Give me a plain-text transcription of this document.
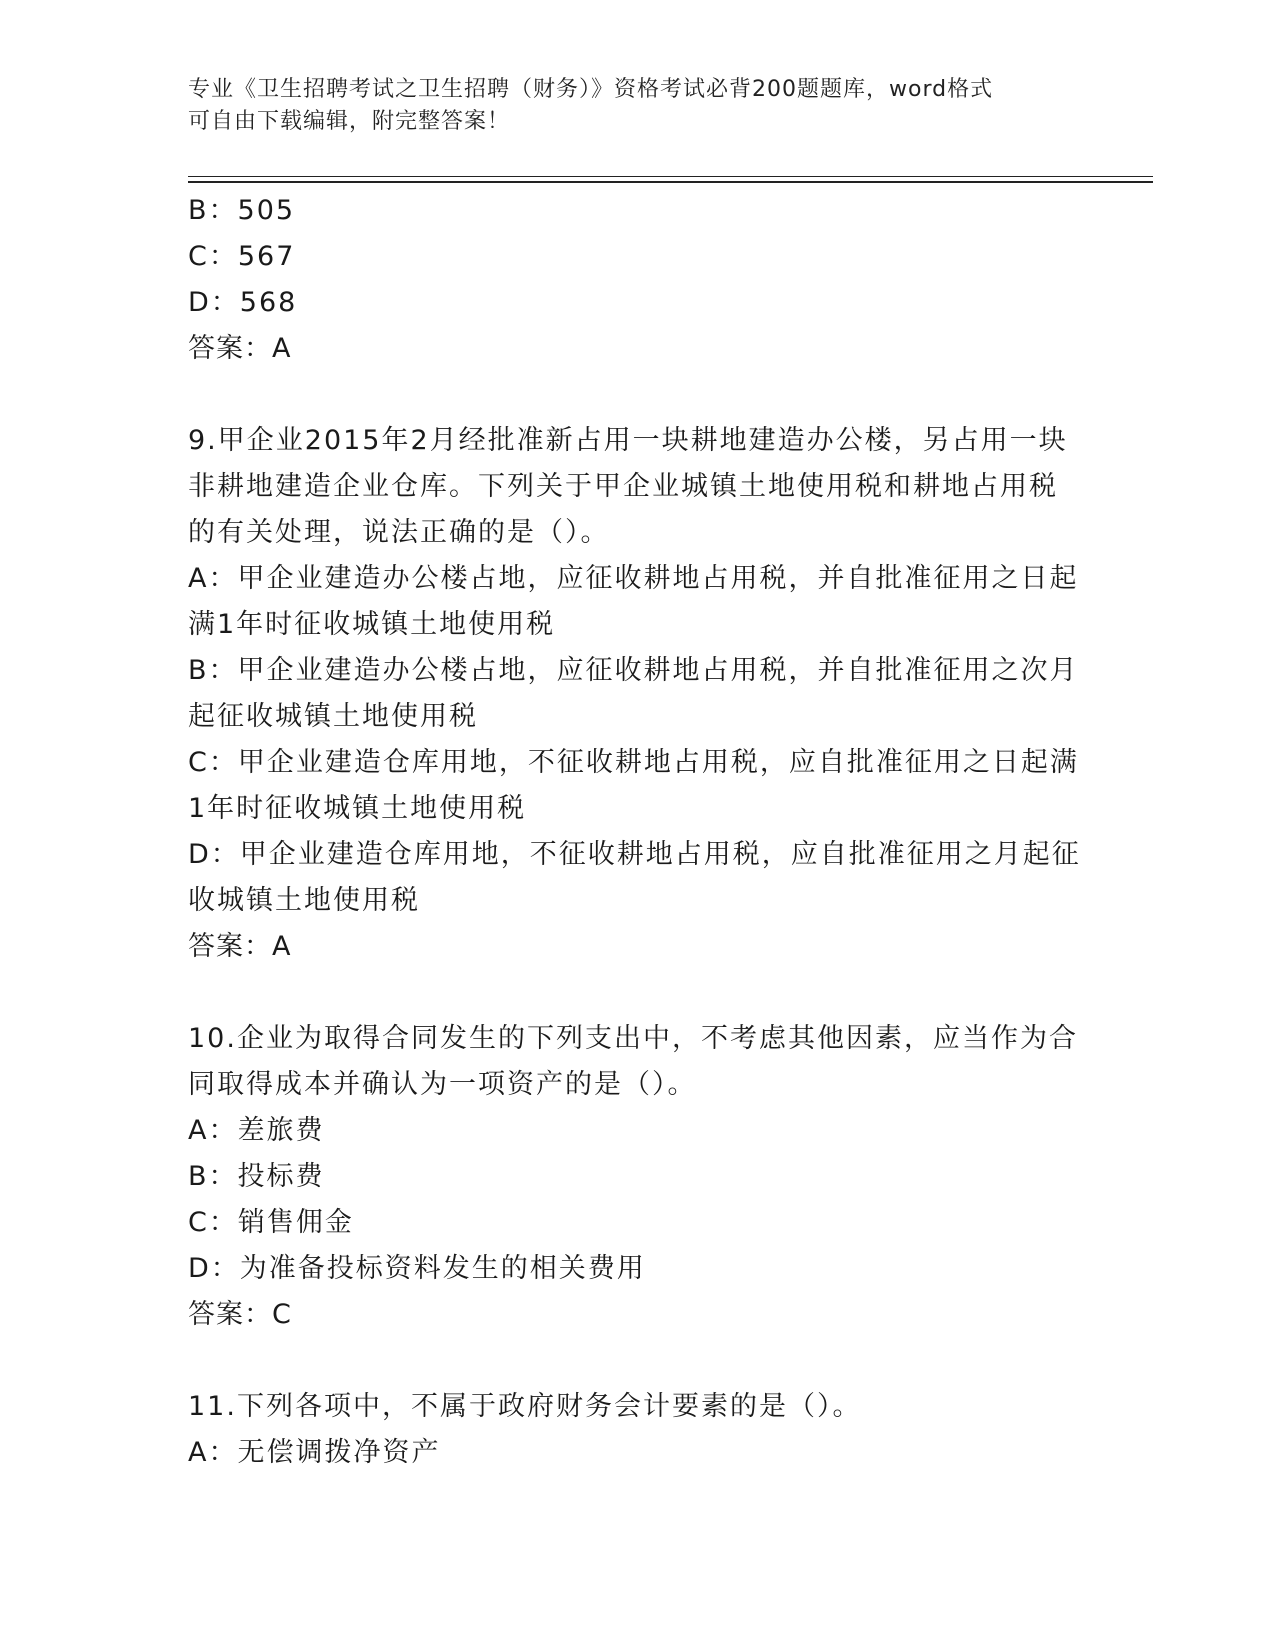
专业《卫生招聘考试之卫生招聘（财务）》资格考试必背200题题库，word格式
可自由下载编辑，附完整答案！
B：505
C：567
D：568
答案：A
9.甲企业2015年2月经批准新占用一块耕地建造办公楼，另占用一块
非耕地建造企业仓库。下列关于甲企业城镇土地使用税和耕地占用税
的有关处理，说法正确的是（）。
A：甲企业建造办公楼占地，应征收耕地占用税，并自批准征用之日起
满1年时征收城镇土地使用税
B：甲企业建造办公楼占地，应征收耕地占用税，并自批准征用之次月
起征收城镇土地使用税
C：甲企业建造仓库用地，不征收耕地占用税，应自批准征用之日起满
1年时征收城镇土地使用税
D：甲企业建造仓库用地，不征收耕地占用税，应自批准征用之月起征
收城镇土地使用税
答案：A
10.企业为取得合同发生的下列支出中，不考虑其他因素，应当作为合
同取得成本并确认为一项资产的是（）。
A：差旅费
B：投标费
C：销售佣金
D：为准备投标资料发生的相关费用
答案：C
11.下列各项中，不属于政府财务会计要素的是（）。
A：无偿调拨净资产
